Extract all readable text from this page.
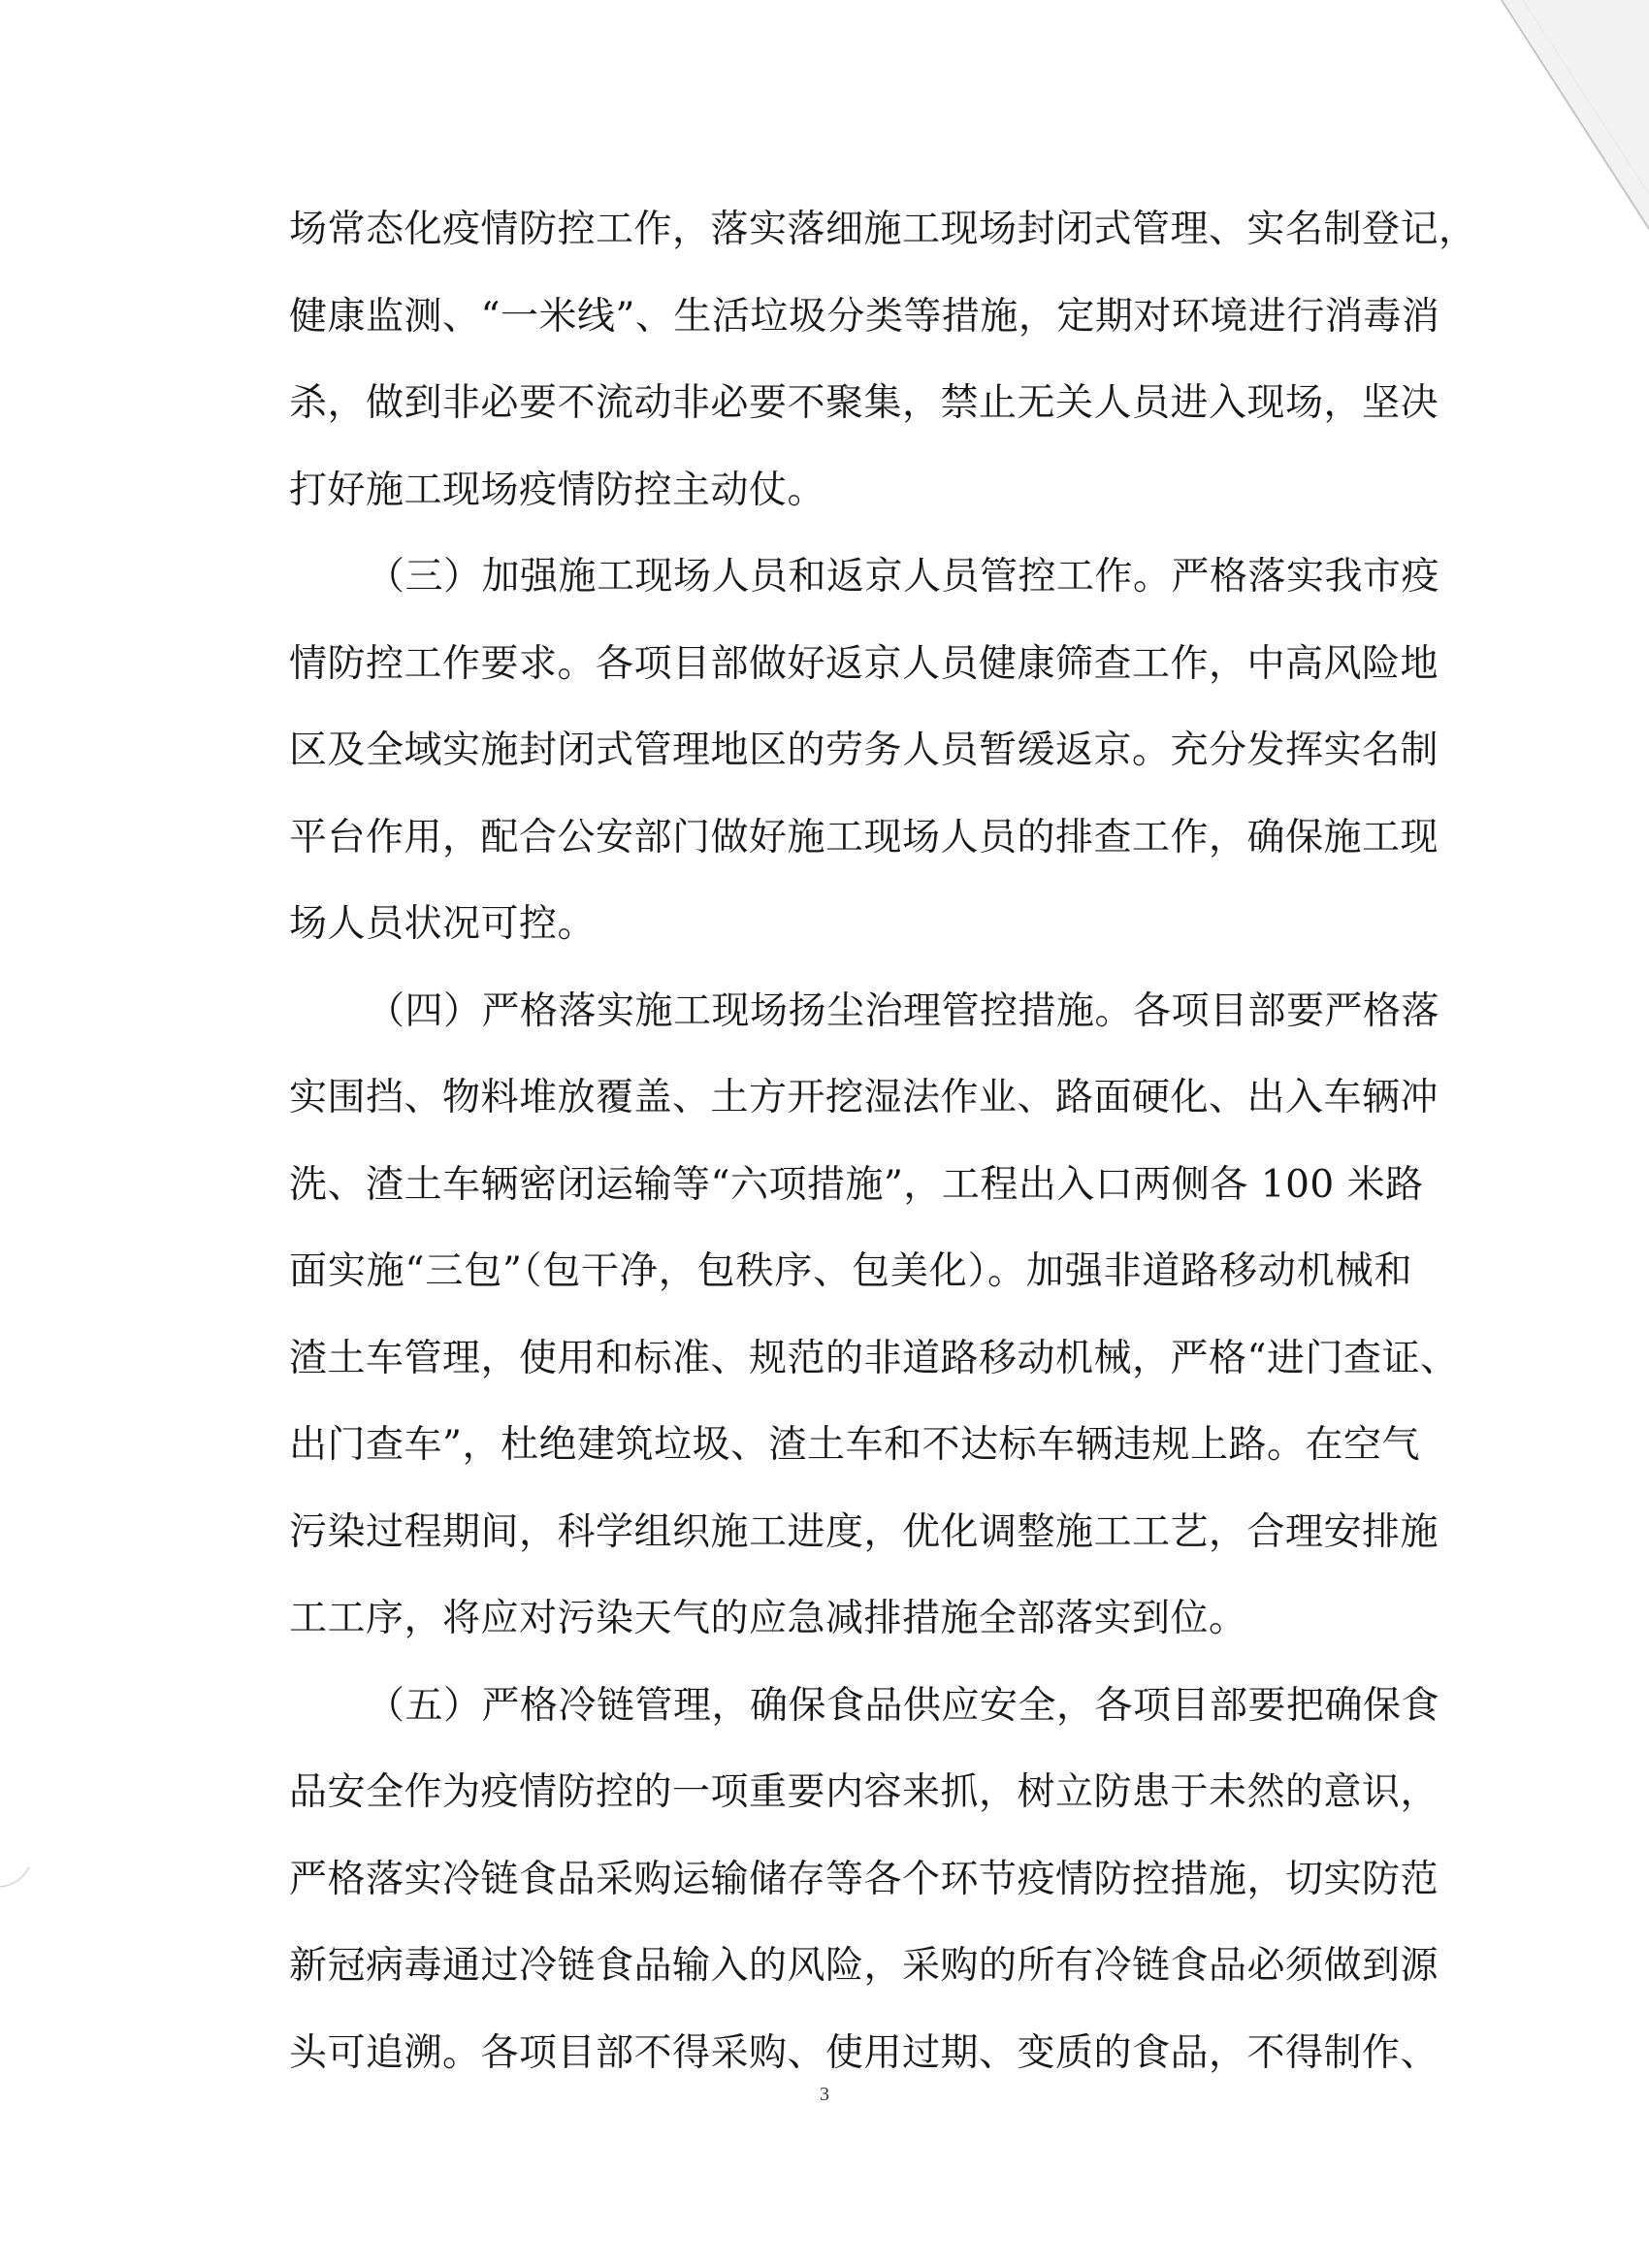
场常态化疫情防控工作，落实落细施工现场封闭式管理、实名制登记，
健康监测、“一米线”、生活垃圾分类等措施，定期对环境进行消毒消
杀，做到非必要不流动非必要不聚集，禁止无关人员进入现场，坚决
打好施工现场疫情防控主动仗。
（三）加强施工现场人员和返京人员管控工作。严格落实我市疫
情防控工作要求。各项目部做好返京人员健康筛查工作，中高风险地
区及全域实施封闭式管理地区的劳务人员暂缓返京。充分发挥实名制
平台作用，配合公安部门做好施工现场人员的排查工作，确保施工现
场人员状况可控。
（四）严格落实施工现场扬尘治理管控措施。各项目部要严格落
实围挡、物料堆放覆盖、土方开挖湿法作业、路面硬化、出入车辆冲
洗、渣土车辆密闭运输等“六项措施”，工程出入口两侧各 100 米路
面实施“三包”（包干净，包秩序、包美化）。加强非道路移动机械和
渣土车管理，使用和标准、规范的非道路移动机械，严格“进门查证、
出门查车”，杜绝建筑垃圾、渣土车和不达标车辆违规上路。在空气
污染过程期间，科学组织施工进度，优化调整施工工艺，合理安排施
工工序，将应对污染天气的应急减排措施全部落实到位。
（五）严格冷链管理，确保食品供应安全，各项目部要把确保食
品安全作为疫情防控的一项重要内容来抓，树立防患于未然的意识，
严格落实冷链食品采购运输储存等各个环节疫情防控措施，切实防范
新冠病毒通过冷链食品输入的风险，采购的所有冷链食品必须做到源
头可追溯。各项目部不得采购、使用过期、变质的食品，不得制作、
3
